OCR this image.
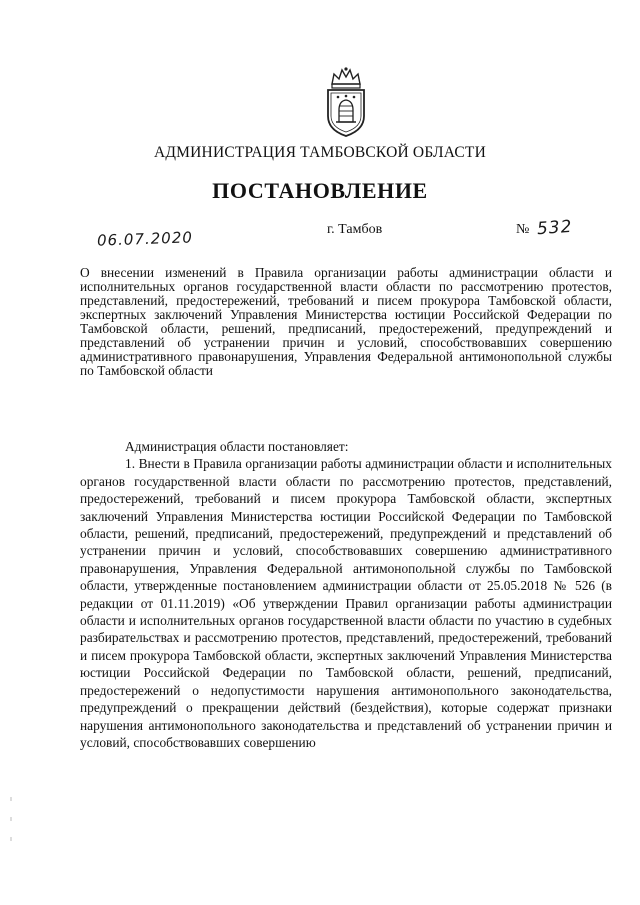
АДМИНИСТРАЦИЯ ТАМБОВСКОЙ ОБЛАСТИ
ПОСТАНОВЛЕНИЕ
06.07.2020	г. Тамбов	№ 532
О внесении изменений в Правила организации работы администрации области и исполнительных органов государственной власти области по рассмотрению протестов, представлений, предостережений, требований и писем прокурора Тамбовской области, экспертных заключений Управления Министерства юстиции Российской Федерации по Тамбовской области, решений, предписаний, предостережений, предупреждений и представлений об устранении причин и условий, способствовавших совершению административного правонарушения, Управления Федеральной антимонопольной службы по Тамбовской области

Администрация области постановляет:

1. Внести в Правила организации работы администрации области и исполнительных органов государственной власти области по рассмотрению протестов, представлений, предостережений, требований и писем прокурора Тамбовской области, экспертных заключений Управления Министерства юстиции Российской Федерации по Тамбовской области, решений, предписаний, предостережений, предупреждений и представлений об устранении причин и условий, способствовавших совершению административного правонарушения, Управления Федеральной антимонопольной службы по Тамбовской области, утвержденные постановлением администрации области от 25.05.2018 № 526 (в редакции от 01.11.2019) «Об утверждении Правил организации работы администрации области и исполнительных органов государственной власти области по участию в судебных разбирательствах и рассмотрению протестов, представлений, предостережений, требований и писем прокурора Тамбовской области, экспертных заключений Управления Министерства юстиции Российской Федерации по Тамбовской области, решений, предписаний, предостережений о недопустимости нарушения антимонопольного законодательства, предупреждений о прекращении действий (бездействия), которые содержат признаки нарушения антимонопольного законодательства и представлений об устранении причин и условий, способствовавших совершению
